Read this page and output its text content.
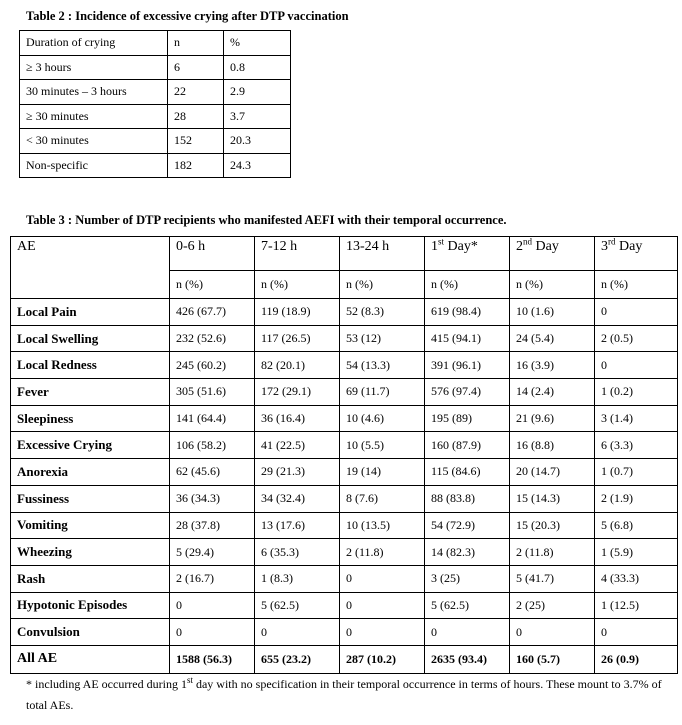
Table 2 : Incidence of excessive crying after DTP vaccination
Duration of crying	n	%
≥ 3 hours	6	0.8
30 minutes – 3 hours	22	2.9
≥ 30 minutes	28	3.7
< 30 minutes	152	20.3
Non-specific	182	24.3
Table 3 : Number of DTP recipients who manifested AEFI with their temporal occurrence.
AE	0-6 h	7-12 h	13-24 h	1st Day*	2nd Day	3rd Day
	n (%)	n (%)	n (%)	n (%)	n (%)	n (%)
Local Pain	426 (67.7)	119 (18.9)	52 (8.3)	619 (98.4)	10 (1.6)	0
Local Swelling	232 (52.6)	117 (26.5)	53 (12)	415 (94.1)	24 (5.4)	2 (0.5)
Local Redness	245 (60.2)	82 (20.1)	54 (13.3)	391 (96.1)	16 (3.9)	0
Fever	305 (51.6)	172 (29.1)	69 (11.7)	576 (97.4)	14 (2.4)	1 (0.2)
Sleepiness	141 (64.4)	36 (16.4)	10 (4.6)	195 (89)	21 (9.6)	3 (1.4)
Excessive Crying	106 (58.2)	41 (22.5)	10 (5.5)	160 (87.9)	16 (8.8)	6 (3.3)
Anorexia	62 (45.6)	29 (21.3)	19 (14)	115 (84.6)	20 (14.7)	1 (0.7)
Fussiness	36 (34.3)	34 (32.4)	8 (7.6)	88 (83.8)	15 (14.3)	2 (1.9)
Vomiting	28 (37.8)	13 (17.6)	10 (13.5)	54 (72.9)	15 (20.3)	5 (6.8)
Wheezing	5 (29.4)	6 (35.3)	2 (11.8)	14 (82.3)	2 (11.8)	1 (5.9)
Rash	2 (16.7)	1 (8.3)	0	3 (25)	5 (41.7)	4 (33.3)
Hypotonic Episodes	0	5 (62.5)	0	5 (62.5)	2 (25)	1 (12.5)
Convulsion	0	0	0	0	0	0
All AE	1588 (56.3)	655 (23.2)	287 (10.2)	2635 (93.4)	160 (5.7)	26 (0.9)
* including AE occurred during 1st day with no specification in their temporal occurrence in terms of hours. These mount to 3.7% of total AEs.
